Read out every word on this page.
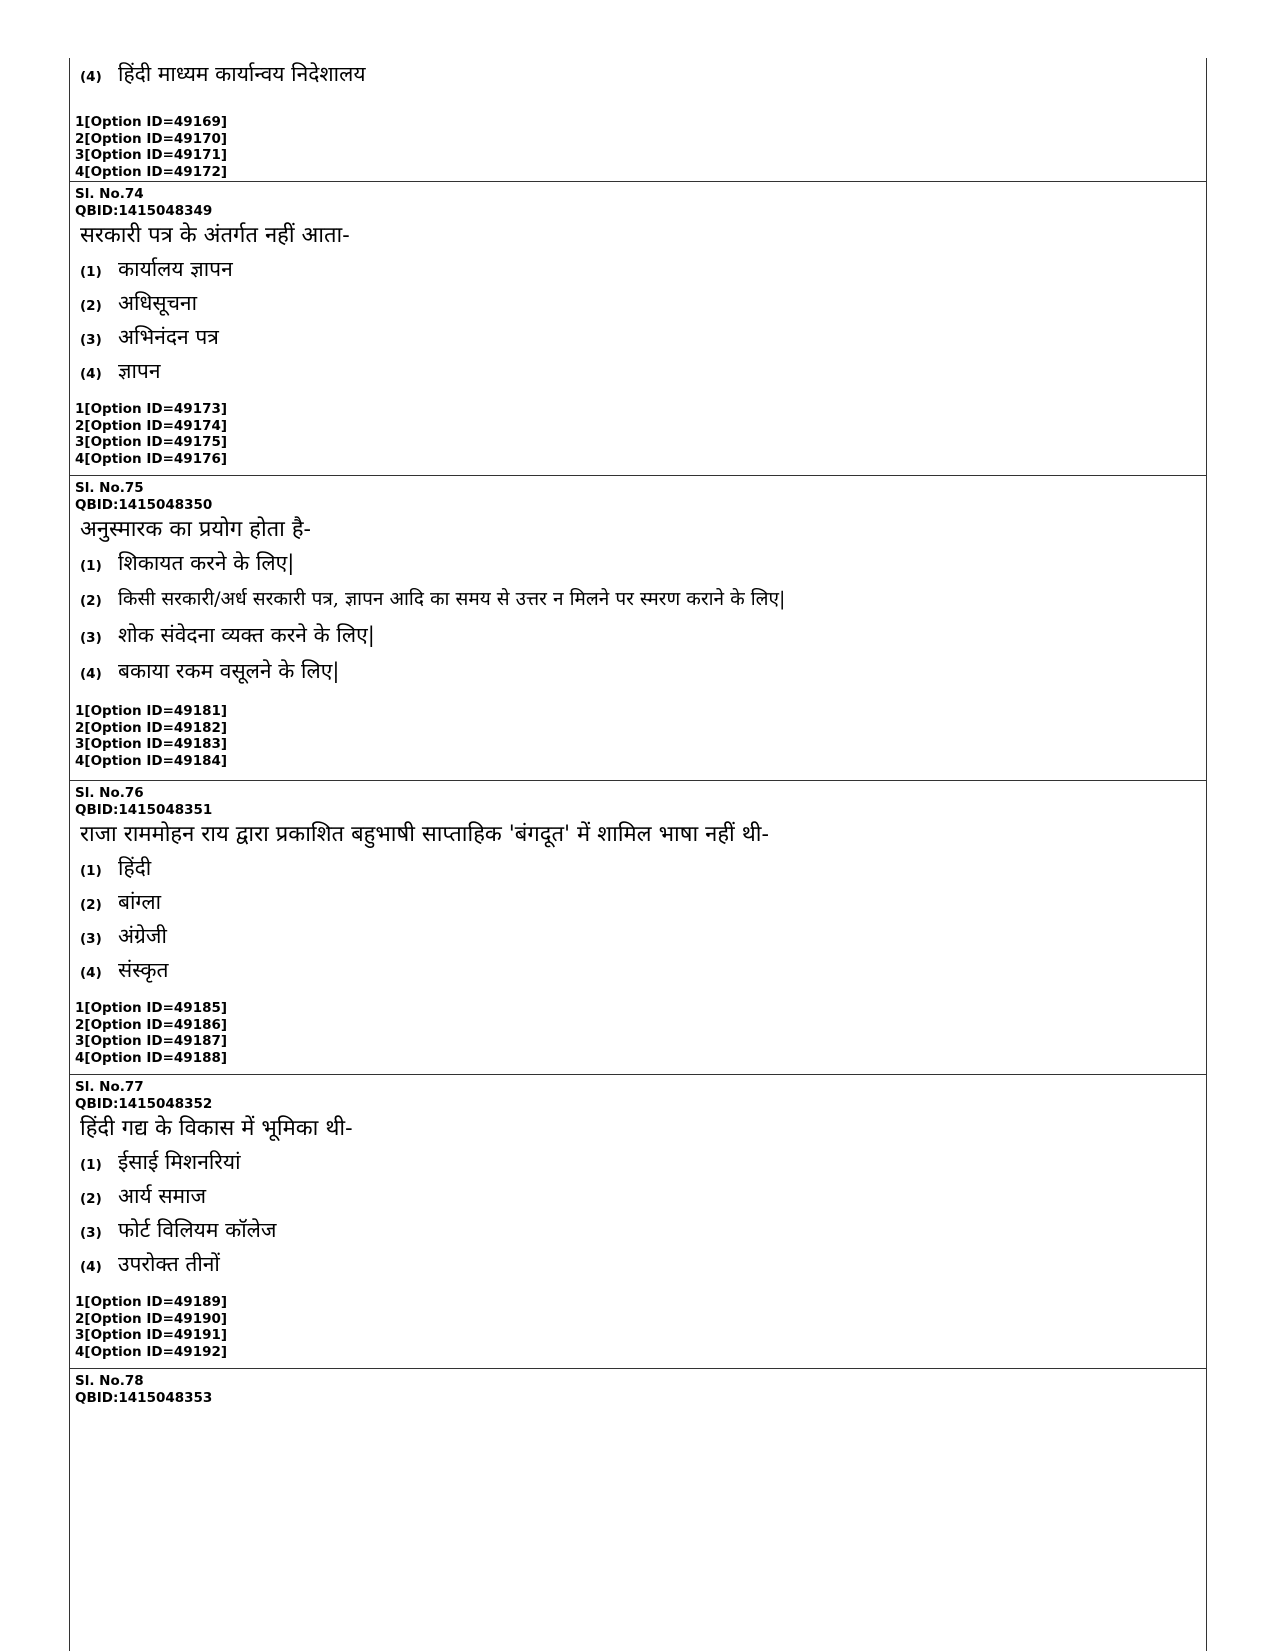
(4) हिंदी माध्यम कार्यान्वय निदेशालय
1[Option ID=49169]
2[Option ID=49170]
3[Option ID=49171]
4[Option ID=49172]
Sl. No.74
QBID:1415048349
सरकारी पत्र के अंतर्गत नहीं आता-
(1) कार्यालय ज्ञापन
(2) अधिसूचना
(3) अभिनंदन पत्र
(4) ज्ञापन
1[Option ID=49173]
2[Option ID=49174]
3[Option ID=49175]
4[Option ID=49176]
Sl. No.75
QBID:1415048350
अनुस्मारक का प्रयोग होता है-
(1) शिकायत करने के लिए|
(2) किसी सरकारी/अर्ध सरकारी पत्र, ज्ञापन आदि का समय से उत्तर न मिलने पर स्मरण कराने के लिए|
(3) शोक संवेदना व्यक्त करने के लिए|
(4) बकाया रकम वसूलने के लिए|
1[Option ID=49181]
2[Option ID=49182]
3[Option ID=49183]
4[Option ID=49184]
Sl. No.76
QBID:1415048351
राजा राममोहन राय द्वारा प्रकाशित बहुभाषी साप्ताहिक 'बंगदूत' में शामिल भाषा नहीं थी-
(1) हिंदी
(2) बांग्ला
(3) अंग्रेजी
(4) संस्कृत
1[Option ID=49185]
2[Option ID=49186]
3[Option ID=49187]
4[Option ID=49188]
Sl. No.77
QBID:1415048352
हिंदी गद्य के विकास में भूमिका थी-
(1) ईसाई मिशनरियां
(2) आर्य समाज
(3) फोर्ट विलियम कॉलेज
(4) उपरोक्त तीनों
1[Option ID=49189]
2[Option ID=49190]
3[Option ID=49191]
4[Option ID=49192]
Sl. No.78
QBID:1415048353
